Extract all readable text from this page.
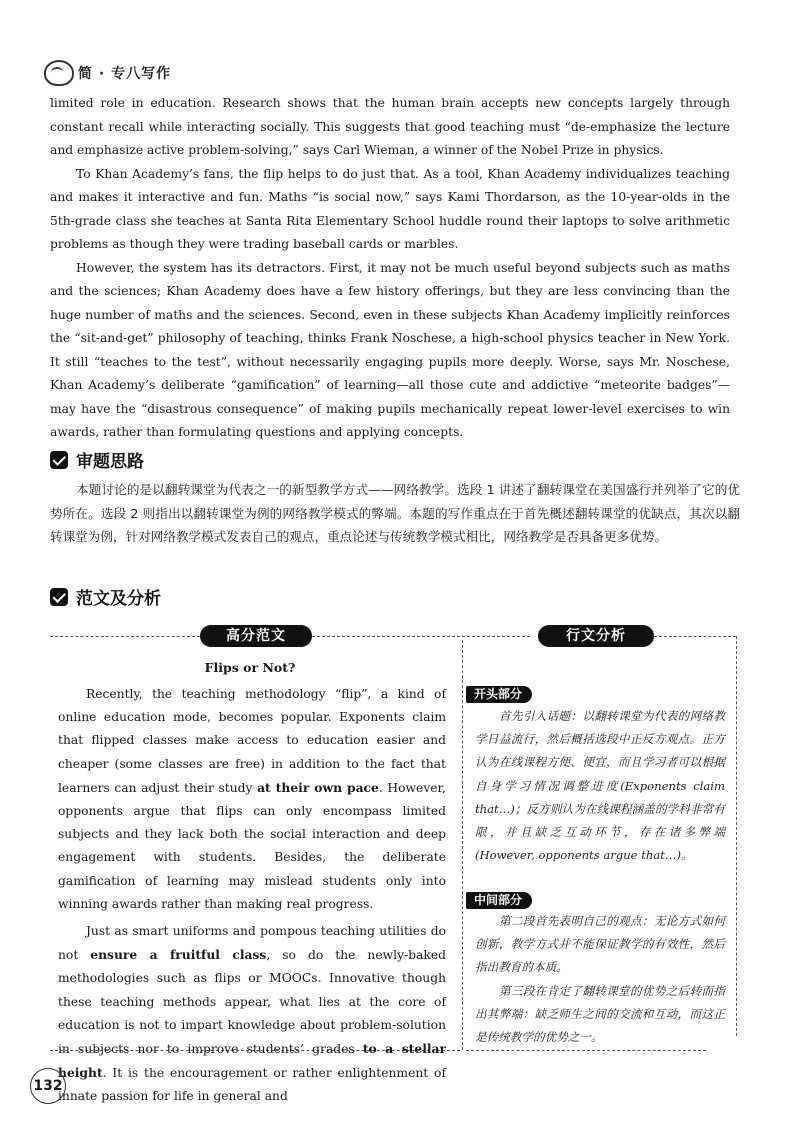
简 · 专八写作

limited role in education. Research shows that the human brain accepts new concepts largely through constant recall while interacting socially. This suggests that good teaching must “de-emphasize the lecture and emphasize active problem-solving,” says Carl Wieman, a winner of the Nobel Prize in physics.

To Khan Academy’s fans, the flip helps to do just that. As a tool, Khan Academy individualizes teaching and makes it interactive and fun. Maths “is social now,” says Kami Thordarson, as the 10-year-olds in the 5th-grade class she teaches at Santa Rita Elementary School huddle round their laptops to solve arithmetic problems as though they were trading baseball cards or marbles.

However, the system has its detractors. First, it may not be much useful beyond subjects such as maths and the sciences; Khan Academy does have a few history offerings, but they are less convincing than the huge number of maths and the sciences. Second, even in these subjects Khan Academy implicitly reinforces the “sit-and-get” philosophy of teaching, thinks Frank Noschese, a high-school physics teacher in New York. It still “teaches to the test”, without necessarily engaging pupils more deeply. Worse, says Mr. Noschese, Khan Academy’s deliberate “gamification” of learning—all those cute and addictive “meteorite badges”—may have the “disastrous consequence” of making pupils mechanically repeat lower-level exercises to win awards, rather than formulating questions and applying concepts.

审题思路

本题讨论的是以翻转课堂为代表之一的新型教学方式——网络教学。选段 1 讲述了翻转课堂在美国盛行并列举了它的优势所在。选段 2 则指出以翻转课堂为例的网络教学模式的弊端。本题的写作重点在于首先概述翻转课堂的优缺点，其次以翻转课堂为例，针对网络教学模式发表自己的观点，重点论述与传统教学模式相比，网络教学是否具备更多优势。

范文及分析
高分范文	行文分析
Flips or Not?

Recently, the teaching methodology “flip”, a kind of online education mode, becomes popular. Exponents claim that flipped classes make access to education easier and cheaper (some classes are free) in addition to the fact that learners can adjust their study at their own pace. However, opponents argue that flips can only encompass limited subjects and they lack both the social interaction and deep engagement with students. Besides, the deliberate gamification of learning may mislead students only into winning awards rather than making real progress.

Just as smart uniforms and pompous teaching utilities do not ensure a fruitful class, so do the newly-baked methodologies such as flips or MOOCs. Innovative though these teaching methods appear, what lies at the core of education is not to impart knowledge about problem-solution in subjects nor to improve students’ grades to a stellar height. It is the encouragement or rather enlightenment of innate passion for life in general and

开头部分

首先引入话题：以翻转课堂为代表的网络教学日益流行，然后概括选段中正反方观点。正方认为在线课程方便、便宜，而且学习者可以根据自身学习情况调整进度(Exponents claim that…)；反方则认为在线课程涵盖的学科非常有限，并且缺乏互动环节，存在诸多弊端(However, opponents argue that…)。

中间部分

第二段首先表明自己的观点：无论方式如何创新，教学方式并不能保证教学的有效性，然后指出教育的本质。

第三段在肯定了翻转课堂的优势之后转而指出其弊端：缺乏师生之间的交流和互动，而这正是传统教学的优势之一。

132
